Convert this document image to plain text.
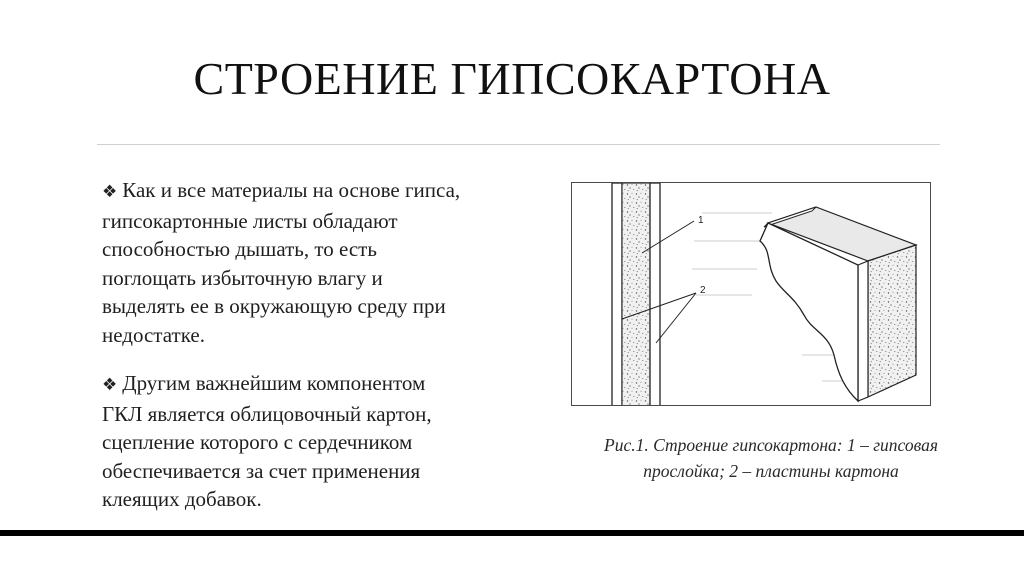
СТРОЕНИЕ ГИПСОКАРТОНА
❖ Как и все материалы на основе гипса,
гипсокартонные листы обладают
способностью дышать, то есть
поглощать избыточную влагу и
выделять ее в окружающую среду при
недостатке.
❖ Другим важнейшим компонентом
ГКЛ является облицовочный картон,
сцепление которого с сердечником
обеспечивается за счет применения
клеящих добавок.
1
2
Рис.1. Строение гипсокартона: 1 – гипсовая
прослойка; 2 – пластины картона
